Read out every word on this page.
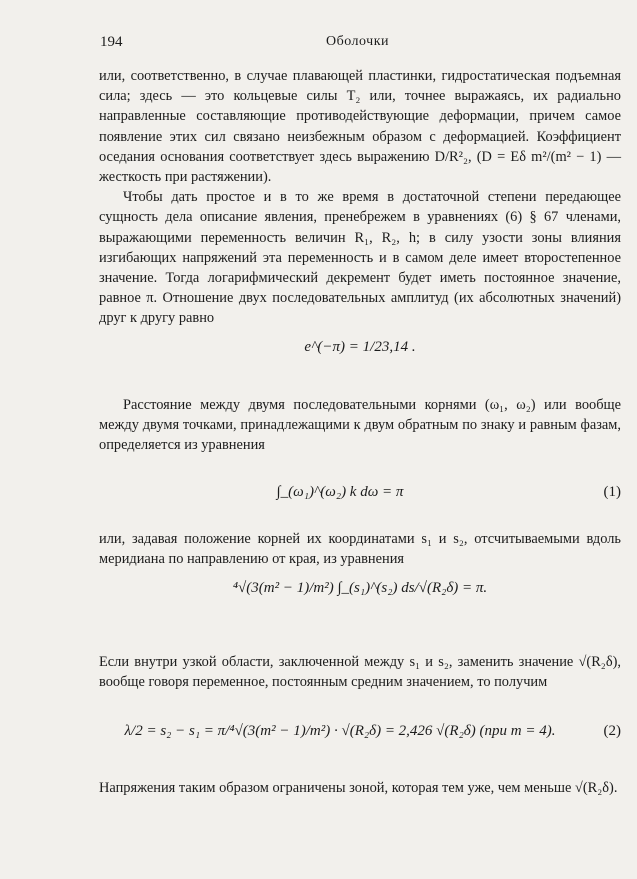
194	Оболочки

или, соответственно, в случае плавающей пластинки, гидростатическая подъемная сила; здесь — это кольцевые силы T₂ или, точнее выражаясь, их радиально направленные составляющие противодействующие деформации, причем самое появление этих сил связано неизбежным образом с деформацией. Коэффициент оседания основания соответствует здесь выражению D/R²₂, (D = Eδ m²/(m² − 1) — жесткость при растяжении).

Чтобы дать простое и в то же время в достаточной степени передающее сущность дела описание явления, пренебрежем в уравнениях (6) § 67 членами, выражающими переменность величин R₁, R₂, h; в силу узости зоны влияния изгибающих напряжений эта переменность и в самом деле имеет второстепенное значение. Тогда логарифмический декремент будет иметь постоянное значение, равное π. Отношение двух последовательных амплитуд (их абсолютных значений) друг к другу равно

e^(−π) = 1/23,14 .

Расстояние между двумя последовательными корнями (ω₁, ω₂) или вообще между двумя точками, принадлежащими к двум обратным по знаку и равным фазам, определяется из уравнения

∫_(ω₁)^(ω₂) k dω = π	(1)

или, задавая положение корней их координатами s₁ и s₂, отсчитываемыми вдоль меридиана по направлению от края, из уравнения

⁴√(3(m² − 1)/m²) ∫_(s₁)^(s₂) ds/√(R₂δ) = π.

Если внутри узкой области, заключенной между s₁ и s₂, заменить значение √(R₂δ), вообще говоря переменное, постоянным средним значением, то получим

λ/2 = s₂ − s₁ = π/⁴√(3(m² − 1)/m²) · √(R₂δ) = 2,426 √(R₂δ) (при m = 4).	(2)

Напряжения таким образом ограничены зоной, которая тем уже, чем меньше √(R₂δ).
